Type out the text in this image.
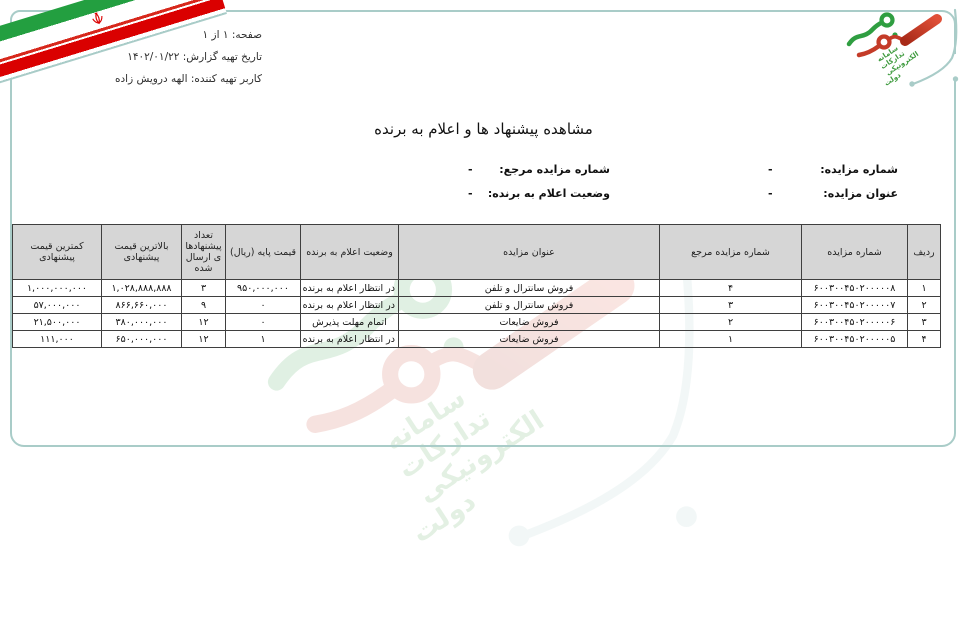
صفحه: ۱ از ۱
تاریخ تهیه گزارش: ۱۴۰۲/۰۱/۲۲
کاربر تهیه کننده: الهه درویش زاده
مشاهده پیشنهاد ها و اعلام به برنده
شماره مزایده:
-
شماره مزایده مرجع:
-
عنوان مزایده:
-
وضعیت اعلام به برنده:
-
ردیف	شماره مزایده	شماره مزایده مرجع	عنوان مزایده	وضعیت اعلام به برنده	قیمت پایه (ریال)	تعداد پیشنهادها ی ارسال شده	بالاترین قیمت پیشنهادی	کمترین قیمت پیشنهادی
۱	۶۰۰۳۰۰۴۵۰۲۰۰۰۰۰۸	۴	فروش سانترال و تلفن	در انتظار اعلام به برنده	۹۵۰,۰۰۰,۰۰۰	۳	۱,۰۲۸,۸۸۸,۸۸۸	۱,۰۰۰,۰۰۰,۰۰۰
۲	۶۰۰۳۰۰۴۵۰۲۰۰۰۰۰۷	۳	فروش سانترال و تلفن	در انتظار اعلام به برنده	۰	۹	۸۶۶,۶۶۰,۰۰۰	۵۷,۰۰۰,۰۰۰
۳	۶۰۰۳۰۰۴۵۰۲۰۰۰۰۰۶	۲	فروش ضایعات	اتمام مهلت پذیرش	۰	۱۲	۳۸۰,۰۰۰,۰۰۰	۲۱,۵۰۰,۰۰۰
۴	۶۰۰۳۰۰۴۵۰۲۰۰۰۰۰۵	۱	فروش ضایعات	در انتظار اعلام به برنده	۱	۱۲	۶۵۰,۰۰۰,۰۰۰	۱۱۱,۰۰۰
